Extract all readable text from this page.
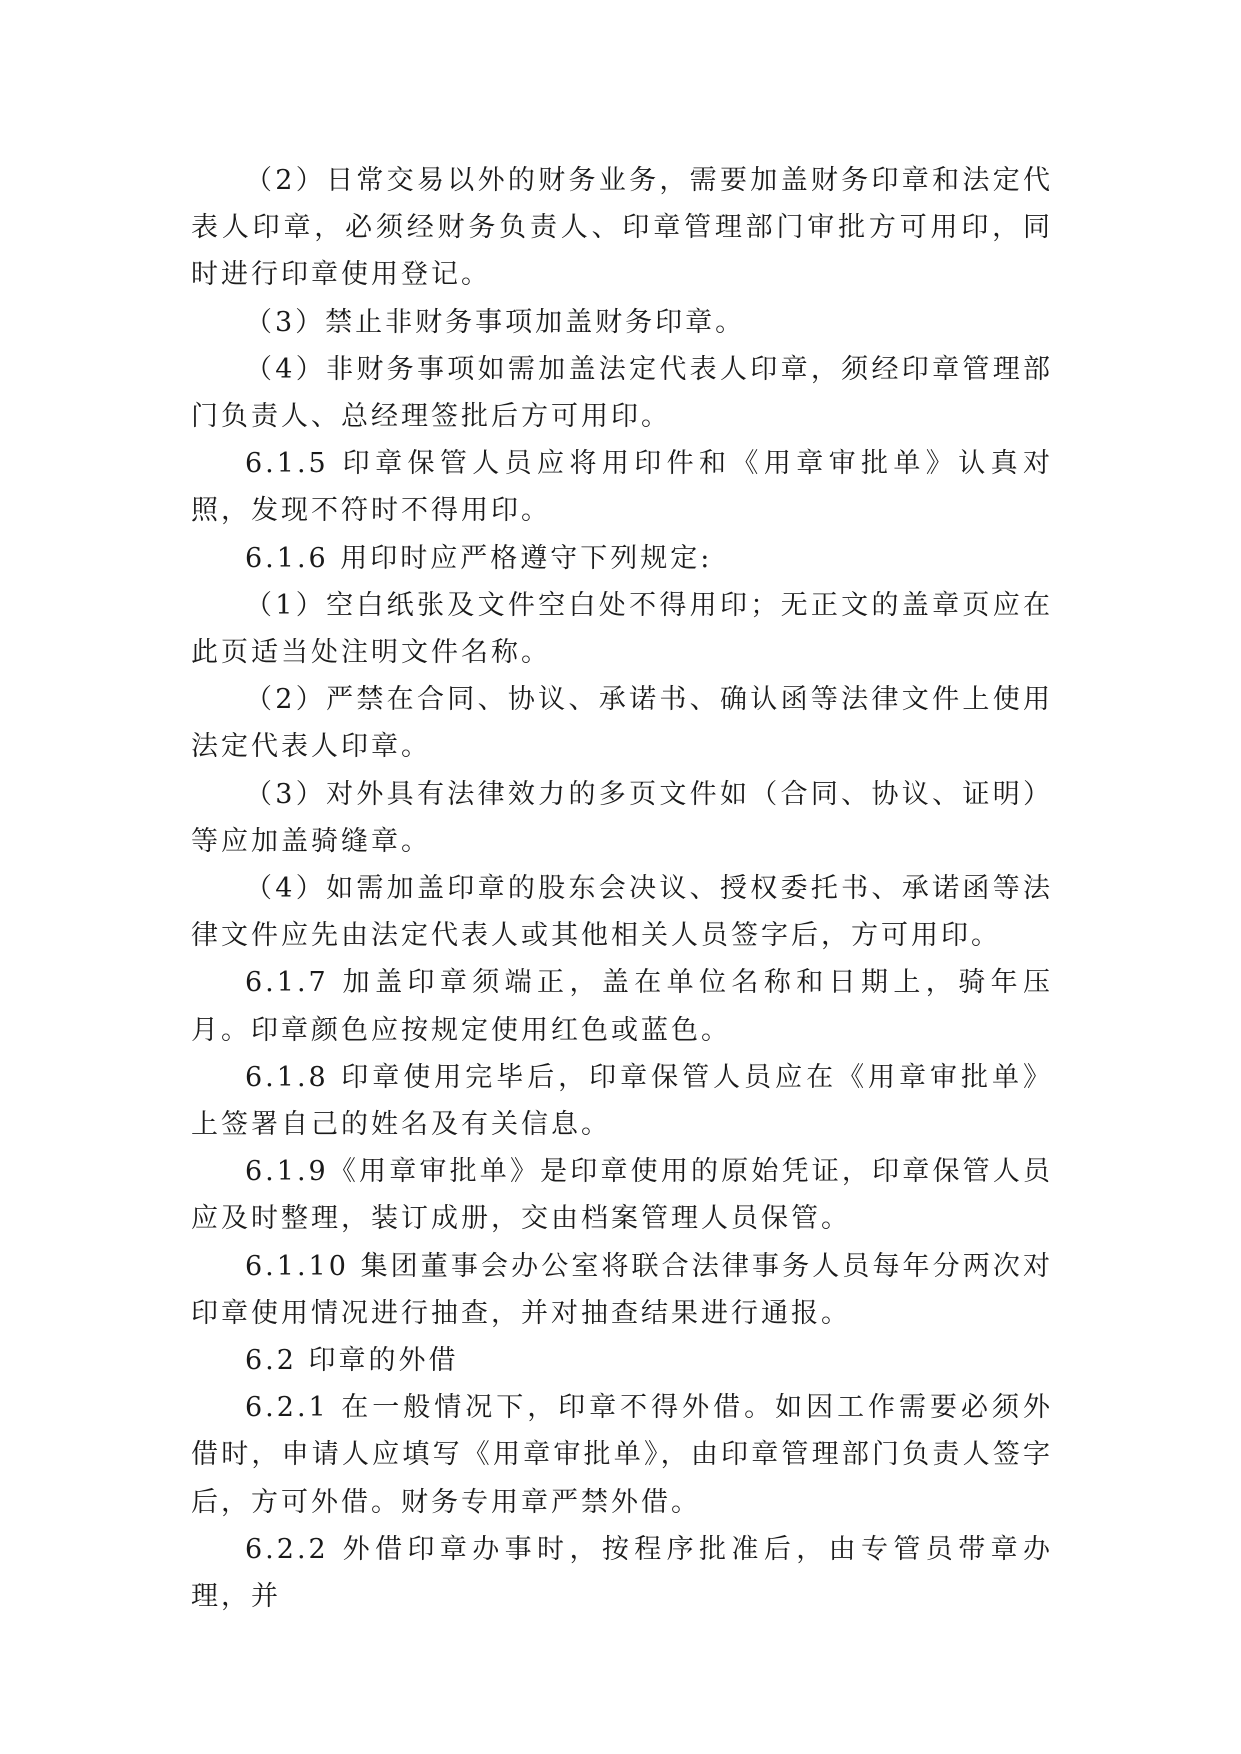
（2）日常交易以外的财务业务，需要加盖财务印章和法定代表人印章，必须经财务负责人、印章管理部门审批方可用印，同时进行印章使用登记。

（3）禁止非财务事项加盖财务印章。

（4）非财务事项如需加盖法定代表人印章，须经印章管理部门负责人、总经理签批后方可用印。

6.1.5 印章保管人员应将用印件和《用章审批单》认真对照，发现不符时不得用印。

6.1.6 用印时应严格遵守下列规定:

（1）空白纸张及文件空白处不得用印；无正文的盖章页应在此页适当处注明文件名称。

（2）严禁在合同、协议、承诺书、确认函等法律文件上使用法定代表人印章。

（3）对外具有法律效力的多页文件如（合同、协议、证明）等应加盖骑缝章。

（4）如需加盖印章的股东会决议、授权委托书、承诺函等法律文件应先由法定代表人或其他相关人员签字后，方可用印。

6.1.7 加盖印章须端正，盖在单位名称和日期上，骑年压月。印章颜色应按规定使用红色或蓝色。

6.1.8 印章使用完毕后，印章保管人员应在《用章审批单》上签署自己的姓名及有关信息。

6.1.9《用章审批单》是印章使用的原始凭证，印章保管人员应及时整理，装订成册，交由档案管理人员保管。

6.1.10 集团董事会办公室将联合法律事务人员每年分两次对印章使用情况进行抽查，并对抽查结果进行通报。

6.2 印章的外借

6.2.1 在一般情况下，印章不得外借。如因工作需要必须外借时，申请人应填写《用章审批单》，由印章管理部门负责人签字后，方可外借。财务专用章严禁外借。

6.2.2 外借印章办事时，按程序批准后，由专管员带章办理，并
